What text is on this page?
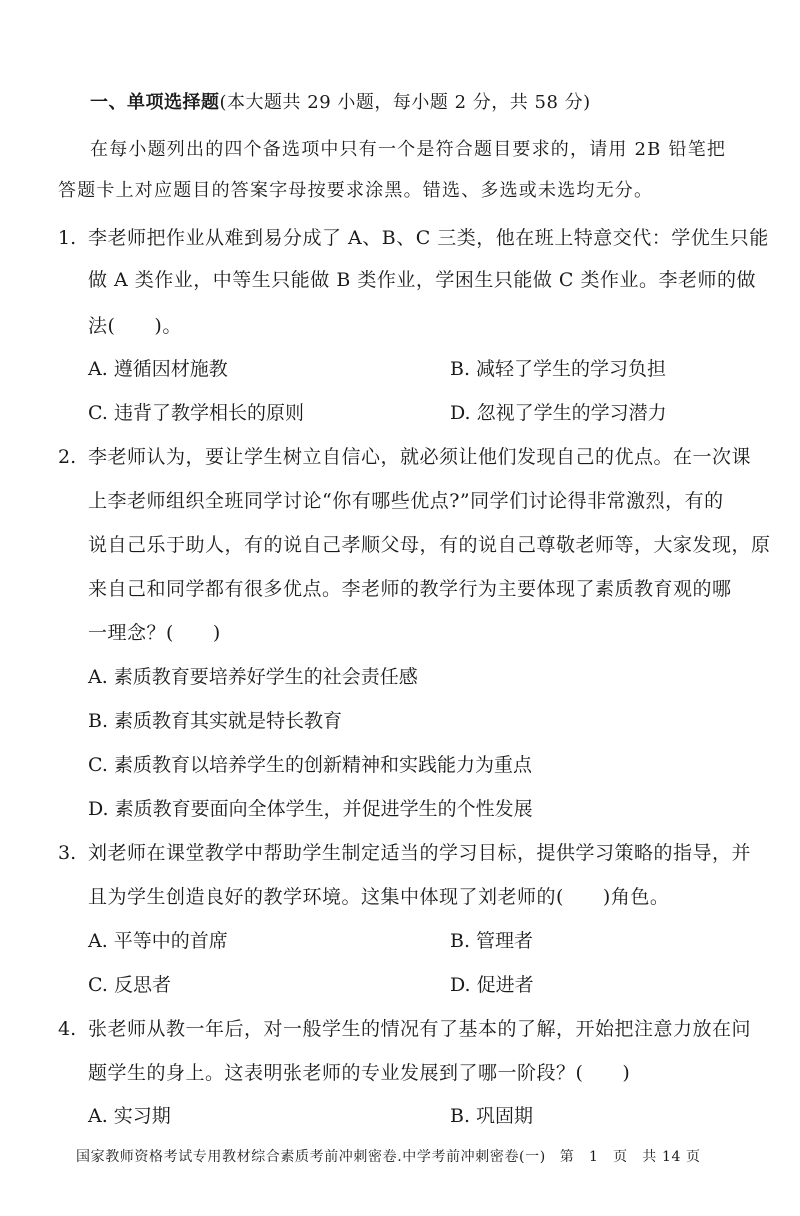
一、单项选择题(本大题共 29 小题，每小题 2 分，共 58 分)
在每小题列出的四个备选项中只有一个是符合题目要求的，请用 2B 铅笔把
答题卡上对应题目的答案字母按要求涂黑。错选、多选或未选均无分。
1. 李老师把作业从难到易分成了 A、B、C 三类，他在班上特意交代：学优生只能
做 A 类作业，中等生只能做 B 类作业，学困生只能做 C 类作业。李老师的做
法(　　)。
A. 遵循因材施教	B. 减轻了学生的学习负担
C. 违背了教学相长的原则	D. 忽视了学生的学习潜力
2. 李老师认为，要让学生树立自信心，就必须让他们发现自己的优点。在一次课
上李老师组织全班同学讨论“你有哪些优点?”同学们讨论得非常激烈，有的
说自己乐于助人，有的说自己孝顺父母，有的说自己尊敬老师等，大家发现，原
来自己和同学都有很多优点。李老师的教学行为主要体现了素质教育观的哪
一理念？(　　)
A. 素质教育要培养好学生的社会责任感
B. 素质教育其实就是特长教育
C. 素质教育以培养学生的创新精神和实践能力为重点
D. 素质教育要面向全体学生，并促进学生的个性发展
3. 刘老师在课堂教学中帮助学生制定适当的学习目标，提供学习策略的指导，并
且为学生创造良好的教学环境。这集中体现了刘老师的(　　)角色。
A. 平等中的首席	B. 管理者
C. 反思者	D. 促进者
4. 张老师从教一年后，对一般学生的情况有了基本的了解，开始把注意力放在问
题学生的身上。这表明张老师的专业发展到了哪一阶段？(　　)
A. 实习期	B. 巩固期
国家教师资格考试专用教材综合素质考前冲刺密卷.中学考前冲刺密卷(一) 第　1　页　共 14 页
